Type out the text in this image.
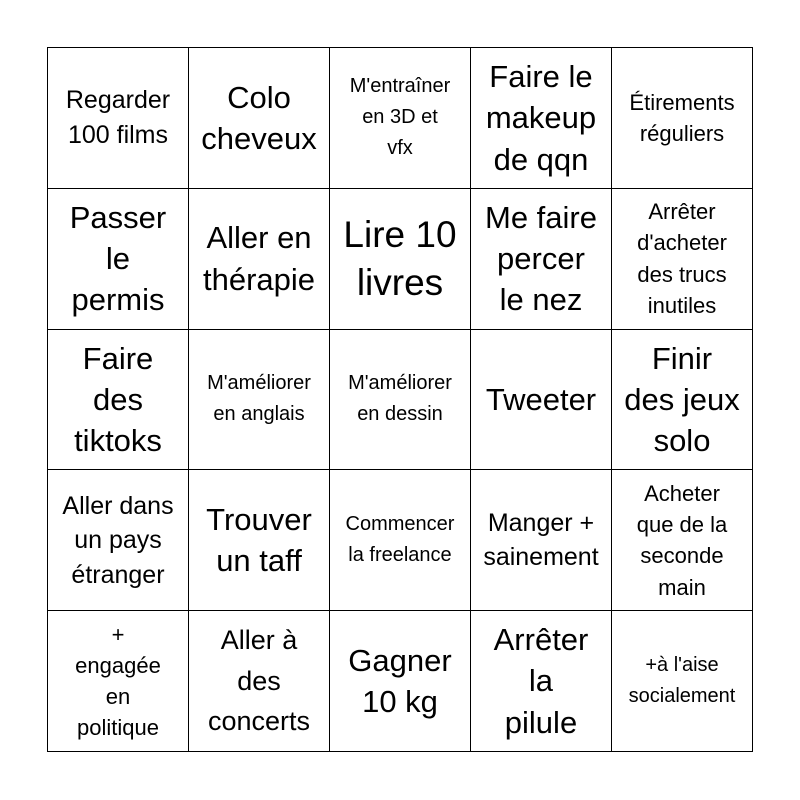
Regarder
100 films
Colo
cheveux
M'entraîner
en 3D et
vfx
Faire le
makeup
de qqn
Étirements
réguliers
Passer
le
permis
Aller en
thérapie
Lire 10
livres
Me faire
percer
le nez
Arrêter
d'acheter
des trucs
inutiles
Faire
des
tiktoks
M'améliorer
en anglais
M'améliorer
en dessin	Tweeter
Finir
des jeux
solo
Aller dans
un pays
étranger
Trouver
un taff
Commencer
la freelance
Manger +
sainement
Acheter
que de la
seconde
main
+
engagée
en
politique
Aller à
des
concerts
Gagner
10 kg
Arrêter
la
pilule
+à l'aise
socialement
